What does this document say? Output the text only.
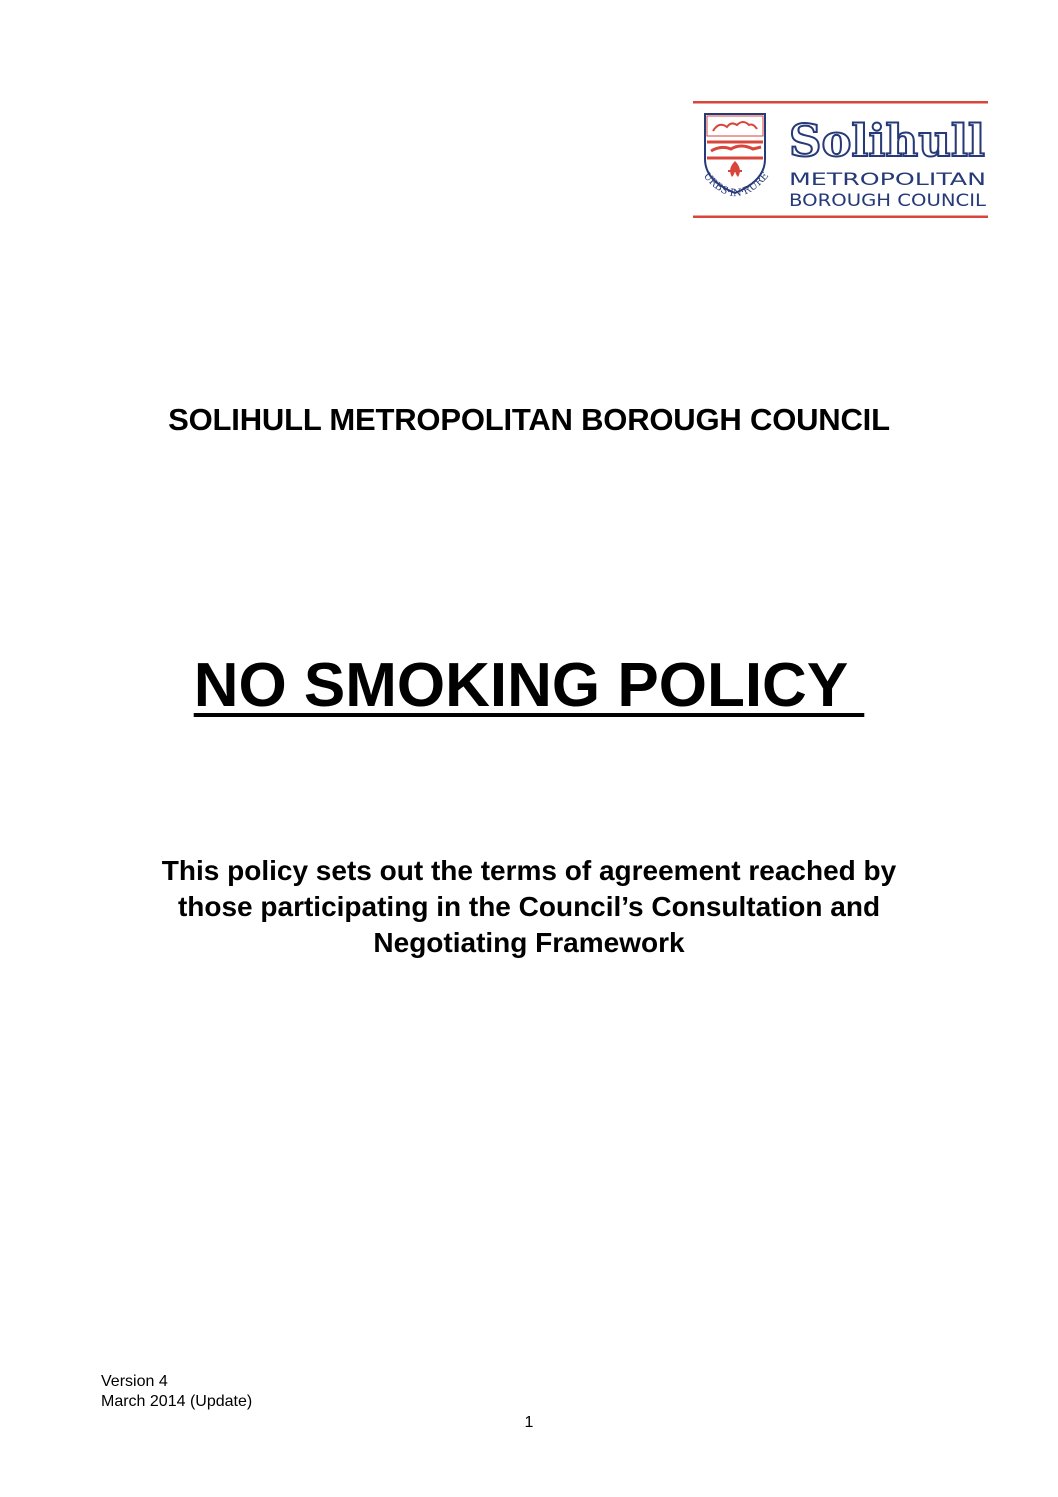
URBS·IN·RURE
Solihull
METROPOLITAN
BOROUGH COUNCIL
SOLIHULL METROPOLITAN BOROUGH COUNCIL
NO SMOKING POLICY
This policy sets out the terms of agreement reached by
those participating in the Council’s Consultation and
Negotiating Framework
Version 4
March 2014 (Update)
1
